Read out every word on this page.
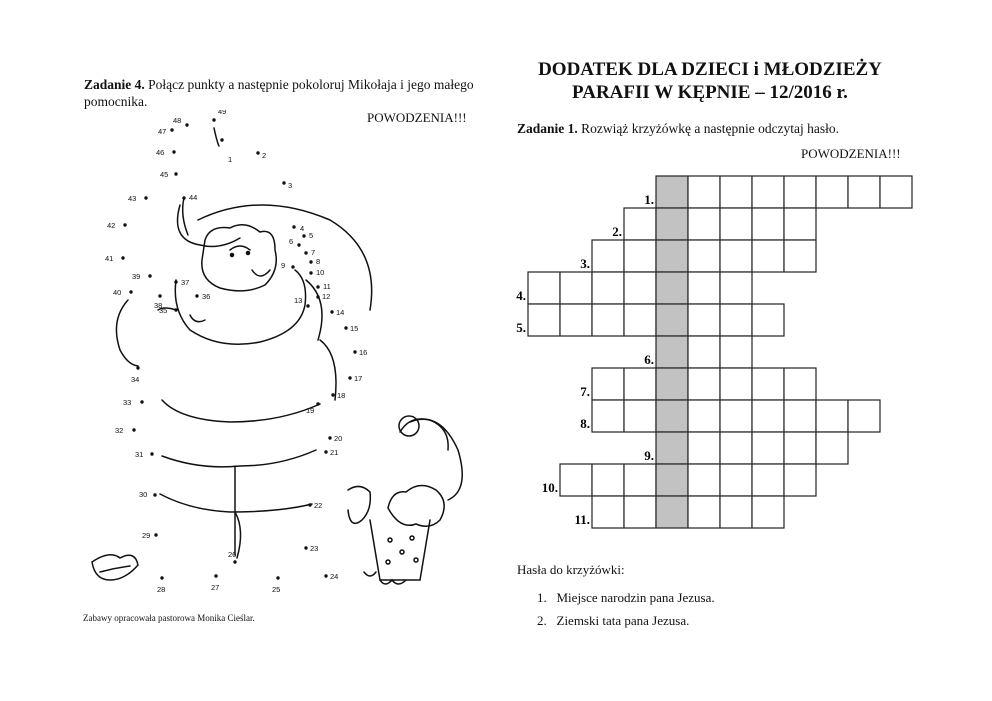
Zadanie 4. Połącz punkty a następnie pokoloruj Mikołaja i jego małego pomocnika.
POWODZENIA!!!
1	2
3
4
5
6
7
8
9
10
11
12
13
14
15
16
17
18
19
20
21
22
23
24
25
26
27
28
29
30
31
32
33
34
35
36
37
38
39
40
41
42
43	44
45
46
47
48
49
Zabawy opracowała pastorowa Monika Cieślar.
DODATEK DLA DZIECI i MŁODZIEŻY
PARAFII W KĘPNIE – 12/2016 r.
Zadanie 1. Rozwiąż krzyżówkę a następnie odczytaj hasło.
POWODZENIA!!!
1.
2.
3.
4.
5.
6.
7.
8.
9.
10.
11.
Hasła do krzyżówki:
1. Miejsce narodzin pana Jezusa.
2. Ziemski tata pana Jezusa.
